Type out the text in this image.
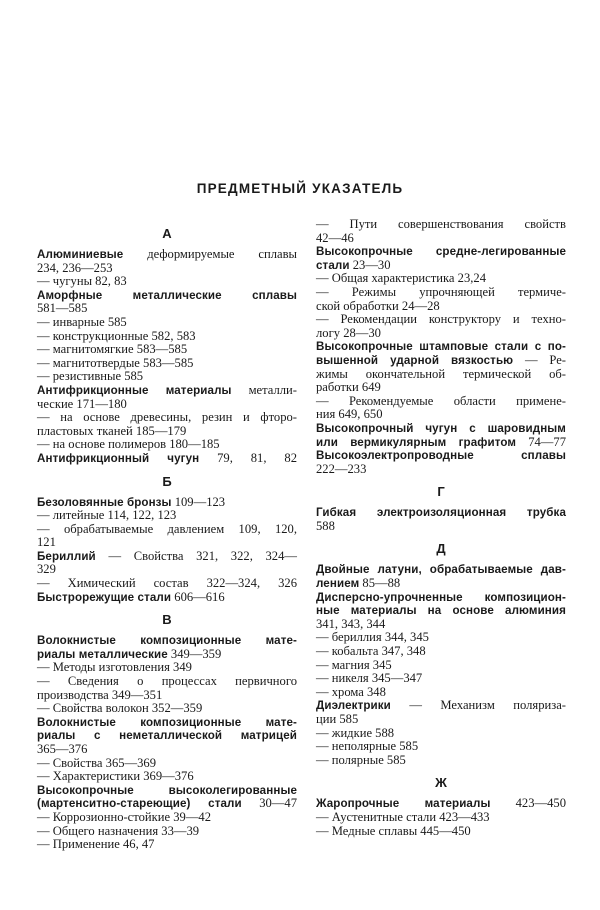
ПРЕДМЕТНЫЙ УКАЗАТЕЛЬ
А
Алюминиевые деформируемые сплавы
234, 236—253
— чугуны 82, 83
Аморфные металлические сплавы
581—585
— инварные 585
— конструкционные 582, 583
— магнитомягкие 583—585
— магнитотвердые 583—585
— резистивные 585
Антифрикционные материалы металли-
ческие 171—180
— на основе древесины, резин и фторо-
пластовых тканей 185—179
— на основе полимеров 180—185
Антифрикционный чугун 79, 81, 82
Б
Безоловянные бронзы 109—123
— литейные 114, 122, 123
— обрабатываемые давлением 109, 120,
121
Бериллий — Свойства 321, 322, 324—
329
— Химический состав 322—324, 326
Быстрорежущие стали 606—616
В
Волокнистые композиционные мате-
риалы металлические 349—359
— Методы изготовления 349
— Сведения о процессах первичного
производства 349—351
— Свойства волокон 352—359
Волокнистые композиционные мате-
риалы с неметаллической матрицей
365—376
— Свойства 365—369
— Характеристики 369—376
Высокопрочные высоколегированные
(мартенситно-стареющие) стали 30—47
— Коррозионно-стойкие 39—42
— Общего назначения 33—39
— Применение 46, 47
— Пути совершенствования свойств
42—46
Высокопрочные средне-легированные
стали 23—30
— Общая характеристика 23,24
— Режимы упрочняющей термиче-
ской обработки 24—28
— Рекомендации конструктору и техно-
логу 28—30
Высокопрочные штамповые стали с по-
вышенной ударной вязкостью — Ре-
жимы окончательной термической об-
работки 649
— Рекомендуемые области примене-
ния 649, 650
Высокопрочный чугун с шаровидным
или вермикулярным графитом 74—77
Высокоэлектропроводные сплавы
222—233
Г
Гибкая электроизоляционная трубка
588
Д
Двойные латуни, обрабатываемые дав-
лением 85—88
Дисперсно-упрочненные композицион-
ные материалы на основе алюминия
341, 343, 344
— бериллия 344, 345
— кобальта 347, 348
— магния 345
— никеля 345—347
— хрома 348
Диэлектрики — Механизм поляриза-
ции 585
— жидкие 588
— неполярные 585
— полярные 585
Ж
Жаропрочные материалы 423—450
— Аустенитные стали 423—433
— Медные сплавы 445—450
